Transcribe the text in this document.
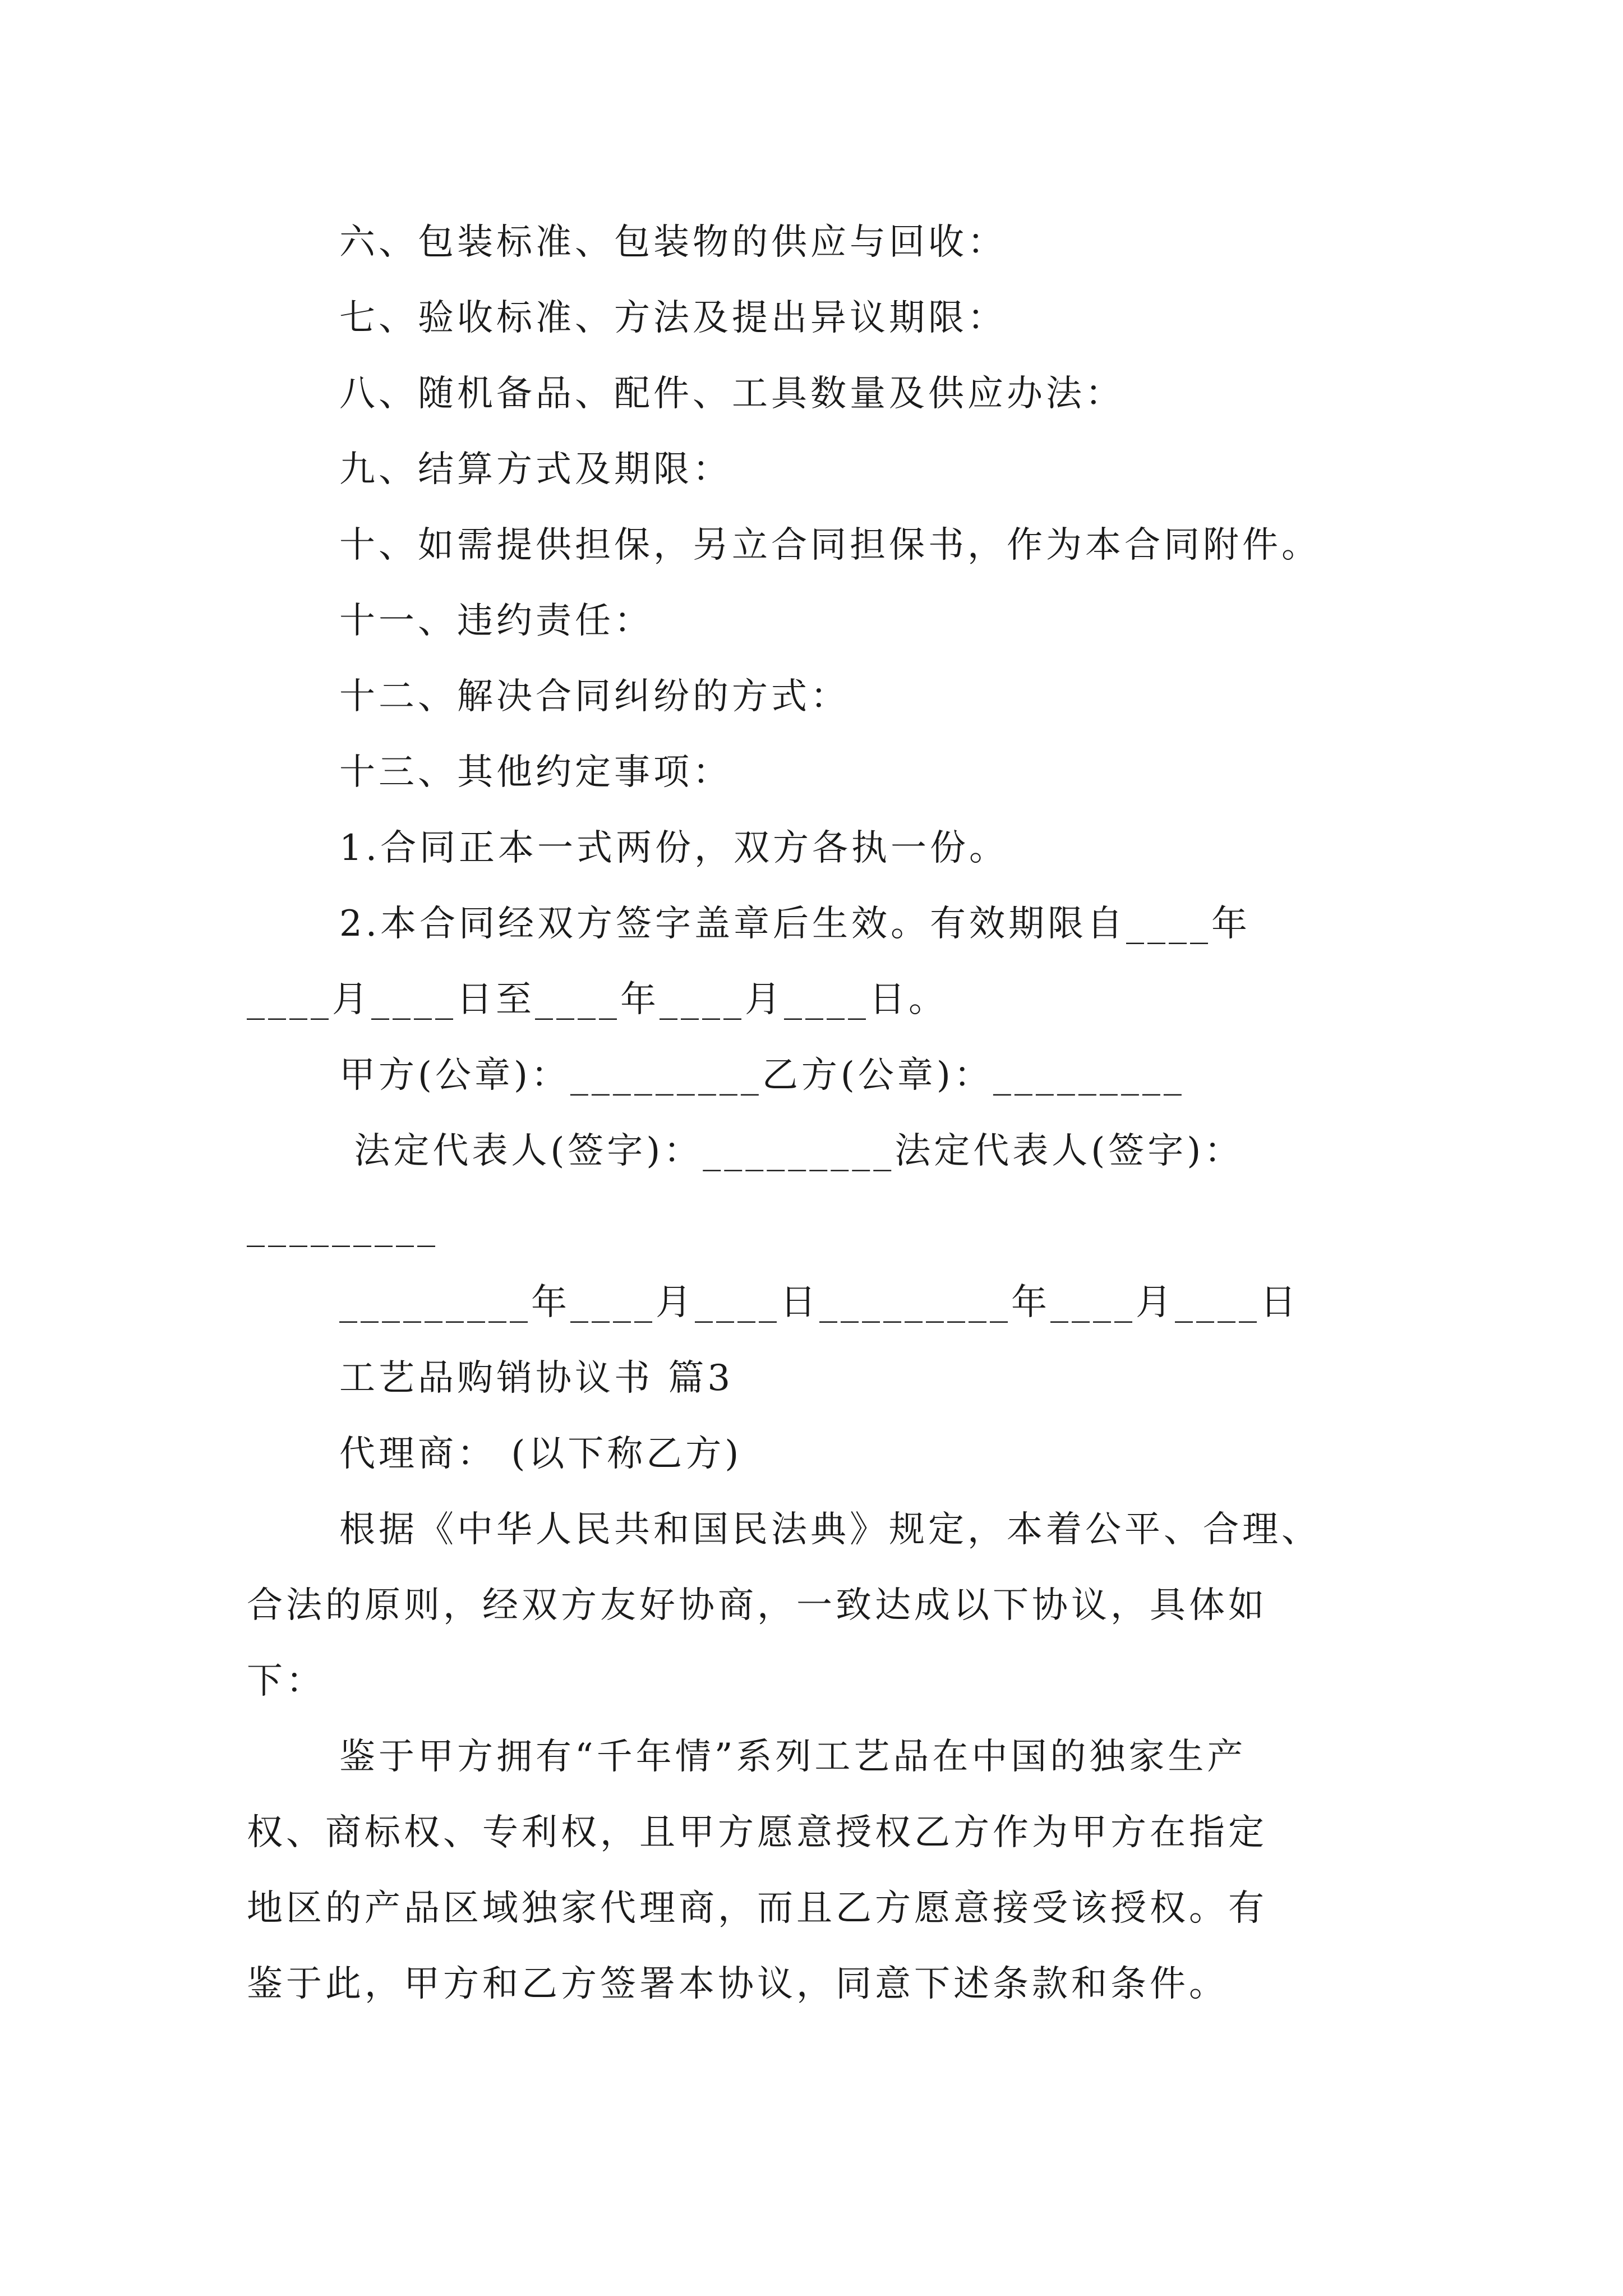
六、包装标准、包装物的供应与回收：
七、验收标准、方法及提出异议期限：
八、随机备品、配件、工具数量及供应办法：
九、结算方式及期限：
十、如需提供担保，另立合同担保书，作为本合同附件。
十一、违约责任：
十二、解决合同纠纷的方式：
十三、其他约定事项：
1.合同正本一式两份，双方各执一份。
2.本合同经双方签字盖章后生效。有效期限自____年
____月____日至____年____月____日。
甲方(公章)：_________乙方(公章)：_________
法定代表人(签字)：_________法定代表人(签字)：
_________
_________年____月____日_________年____月____日
工艺品购销协议书 篇3
代理商： (以下称乙方)
根据《中华人民共和国民法典》规定，本着公平、合理、
合法的原则，经双方友好协商，一致达成以下协议，具体如
下：
鉴于甲方拥有“千年情”系列工艺品在中国的独家生产
权、商标权、专利权，且甲方愿意授权乙方作为甲方在指定
地区的产品区域独家代理商，而且乙方愿意接受该授权。有
鉴于此，甲方和乙方签署本协议，同意下述条款和条件。
